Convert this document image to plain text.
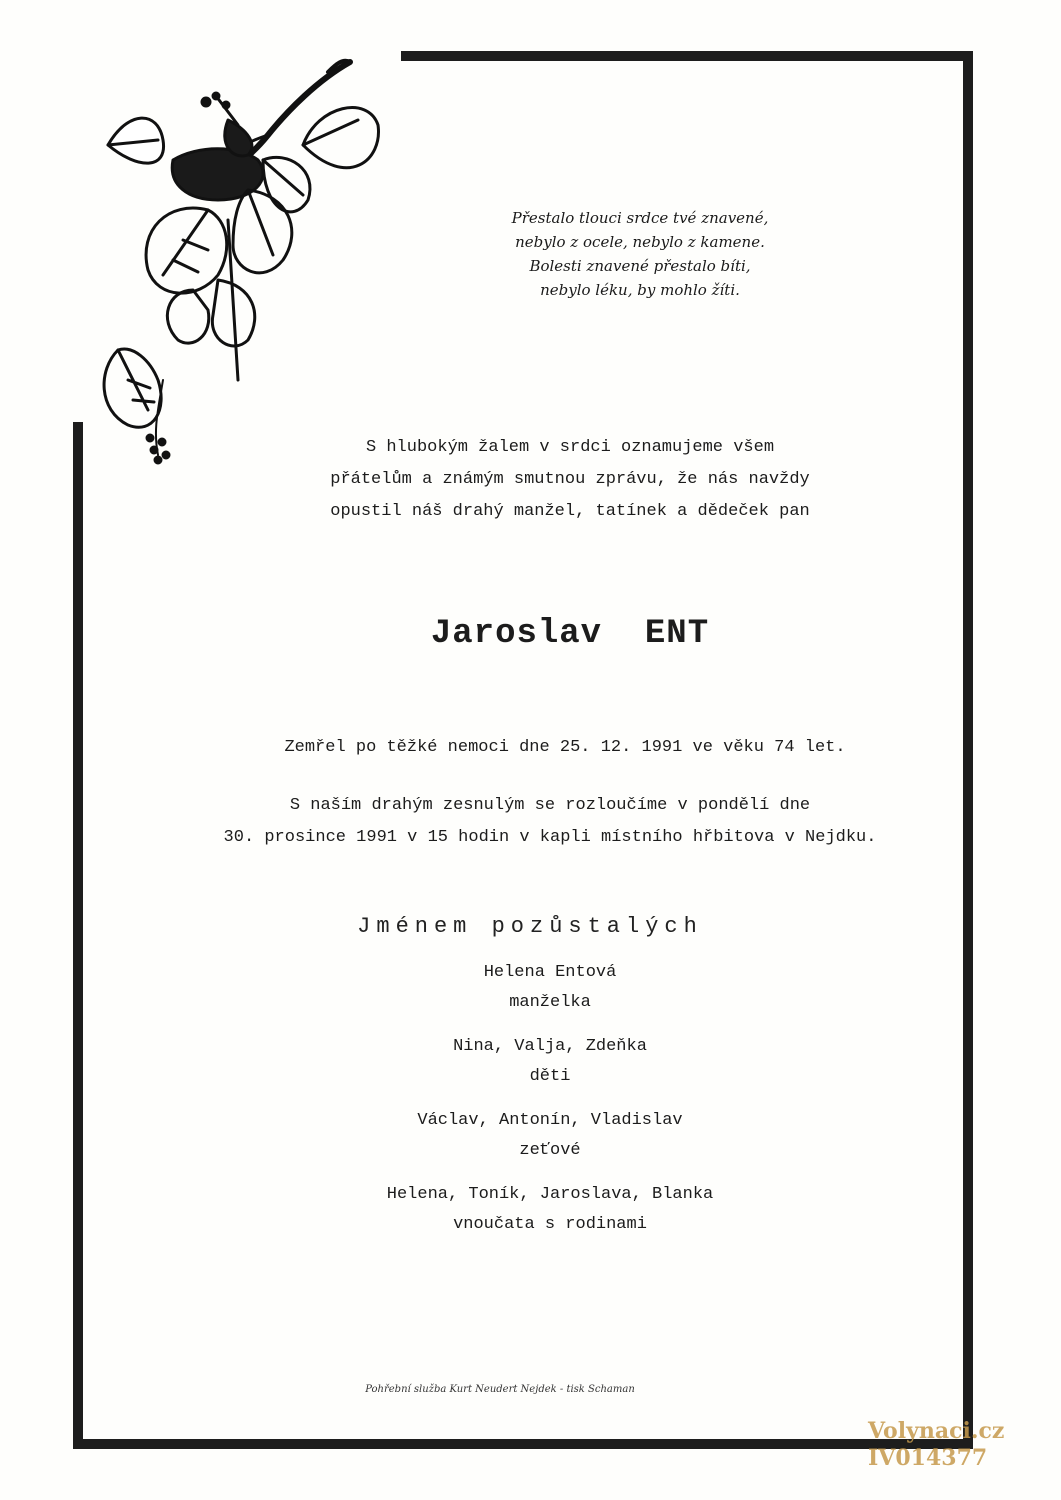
Přestalo tlouci srdce tvé znavené,
nebylo z ocele, nebylo z kamene.
Bolesti znavené přestalo bíti,
nebylo léku, by mohlo žíti.
S hlubokým žalem v srdci oznamujeme všem
přátelům a známým smutnou zprávu, že nás navždy
opustil náš drahý manžel, tatínek a dědeček pan
Jaroslav ENT
Zemřel po těžké nemoci dne 25. 12. 1991 ve věku 74 let.
S naším drahým zesnulým se rozloučíme v pondělí dne
30. prosince 1991 v 15 hodin v kapli místního hřbitova v Nejdku.
Jménem pozůstalých
Helena Entová
manželka
Nina, Valja, Zdeňka
děti
Václav, Antonín, Vladislav
zeťové
Helena, Toník, Jaroslava, Blanka
vnoučata s rodinami
Pohřební služba Kurt Neudert Nejdek - tisk Schaman
Volynaci.cz
IV014377
